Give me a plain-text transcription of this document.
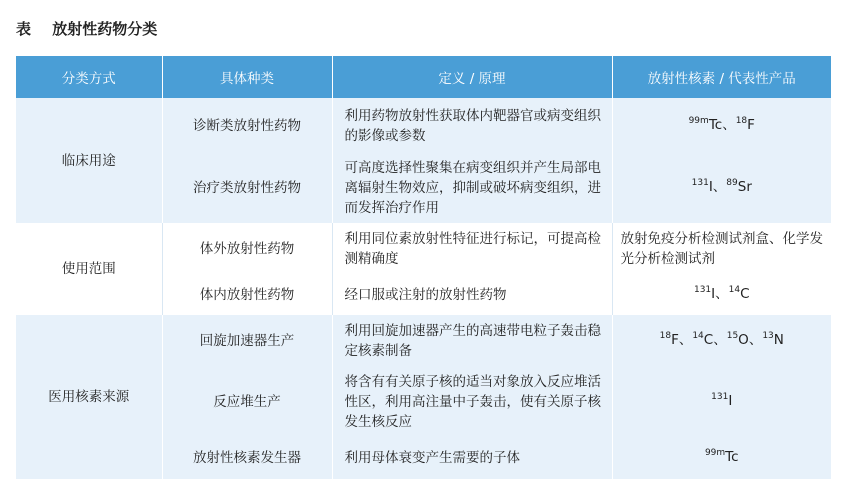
表 放射性药物分类
分类方式	具体种类	定义 / 原理	放射性核素 / 代表性产品
临床用途	诊断类放射性药物	利用药物放射性获取体内靶器官或病变组织的影像或参数	$^{99m}$Tc、$^{18}$F
	治疗类放射性药物	可高度选择性聚集在病变组织并产生局部电离辐射生物效应，抑制或破坏病变组织，进而发挥治疗作用	$^{131}$I、$^{89}$Sr
使用范围	体外放射性药物	利用同位素放射性特征进行标记，可提高检测精确度	放射免疫分析检测试剂盒、化学发光分析检测试剂
	体内放射性药物	经口服或注射的放射性药物	$^{131}$I、$^{14}$C
医用核素来源	回旋加速器生产	利用回旋加速器产生的高速带电粒子轰击稳定核素制备	$^{18}$F、$^{14}$C、$^{15}$O、$^{13}$N
	反应堆生产	将含有有关原子核的适当对象放入反应堆活性区，利用高注量中子轰击，使有关原子核发生核反应	$^{131}$I
	放射性核素发生器	利用母体衰变产生需要的子体	$^{99m}$Tc
